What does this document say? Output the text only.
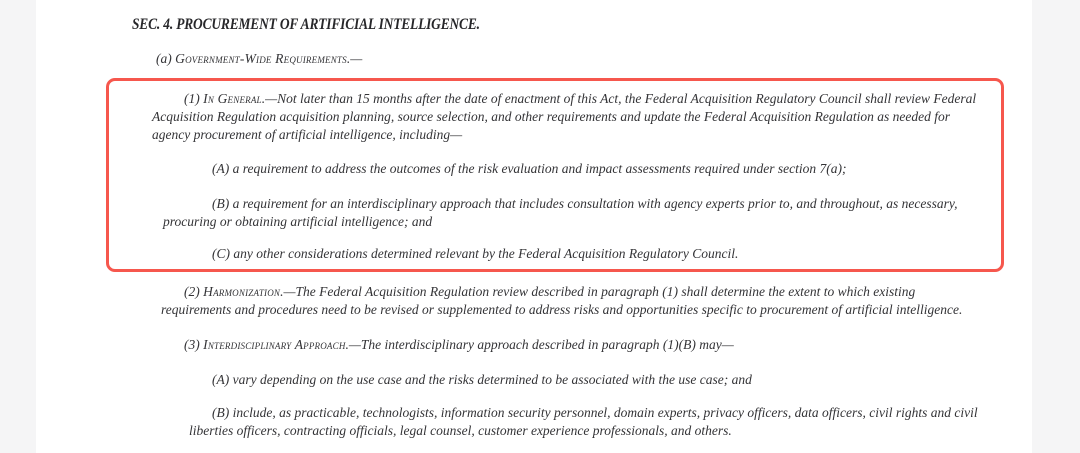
SEC. 4. PROCUREMENT OF ARTIFICIAL INTELLIGENCE.

(a) Government-Wide Requirements.—

(1) In General.—Not later than 15 months after the date of enactment of this Act, the Federal Acquisition Regulatory Council shall review Federal Acquisition Regulation acquisition planning, source selection, and other requirements and update the Federal Acquisition Regulation as needed for agency procurement of artificial intelligence, including—

(A) a requirement to address the outcomes of the risk evaluation and impact assessments required under section 7(a);

(B) a requirement for an interdisciplinary approach that includes consultation with agency experts prior to, and throughout, as necessary, procuring or obtaining artificial intelligence; and

(C) any other considerations determined relevant by the Federal Acquisition Regulatory Council.

(2) Harmonization.—The Federal Acquisition Regulation review described in paragraph (1) shall determine the extent to which existing requirements and procedures need to be revised or supplemented to address risks and opportunities specific to procurement of artificial intelligence.

(3) Interdisciplinary Approach.—The interdisciplinary approach described in paragraph (1)(B) may—

(A) vary depending on the use case and the risks determined to be associated with the use case; and

(B) include, as practicable, technologists, information security personnel, domain experts, privacy officers, data officers, civil rights and civil liberties officers, contracting officials, legal counsel, customer experience professionals, and others.
